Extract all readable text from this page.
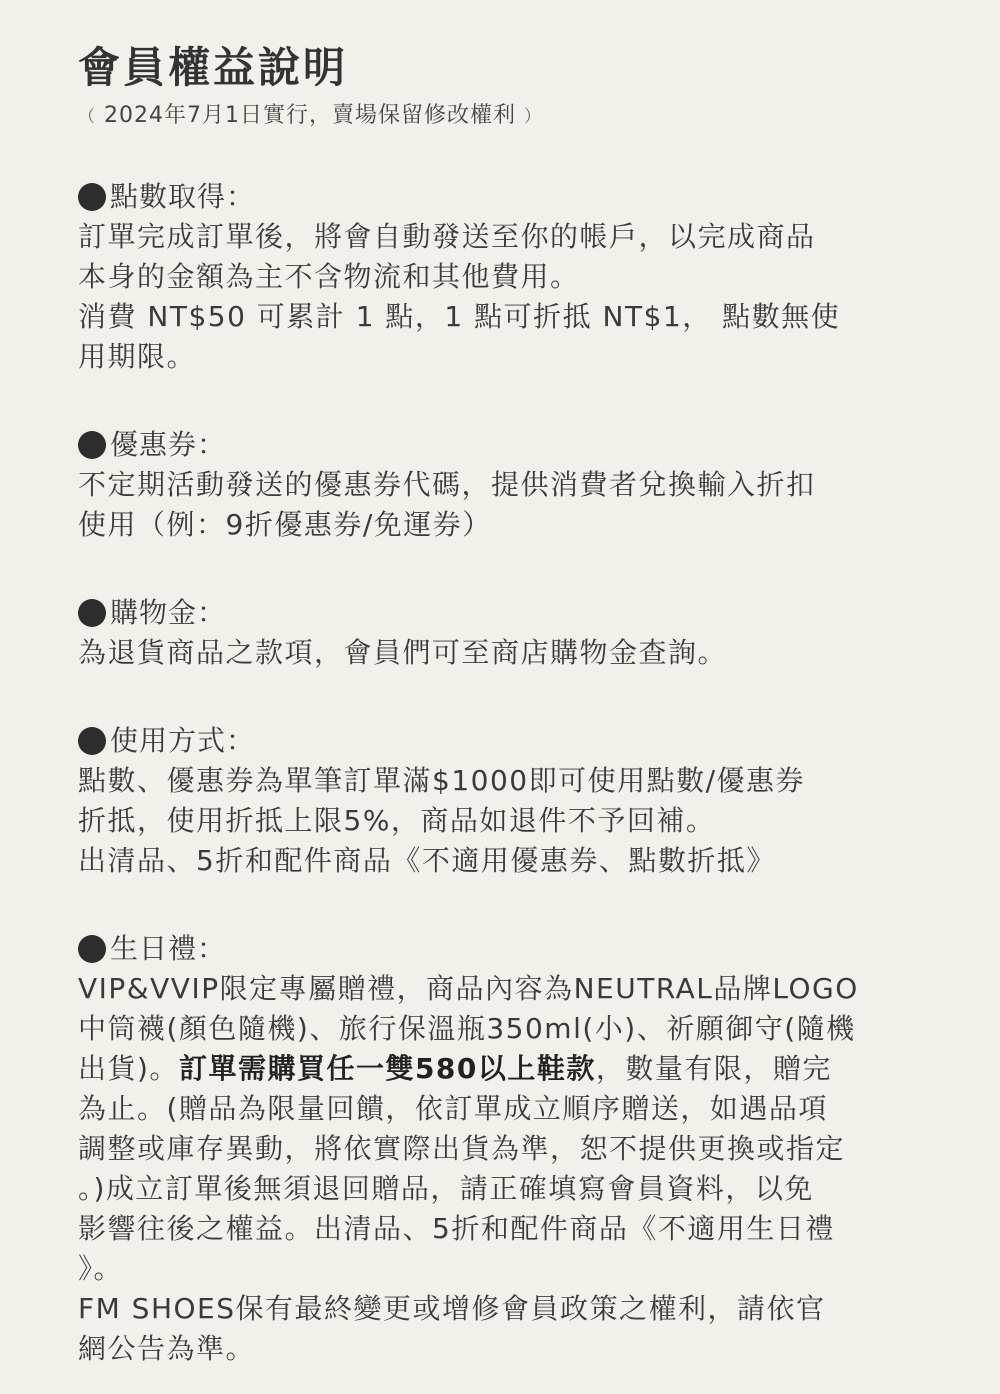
會員權益說明
（ 2024年7月1日實行，賣場保留修改權利 ）
點數取得：
訂單完成訂單後，將會自動發送至你的帳戶，以完成商品
本身的金額為主不含物流和其他費用。
消費 NT$50 可累計 1 點，1 點可折抵 NT$1， 點數無使
用期限。
優惠券：
不定期活動發送的優惠券代碼，提供消費者兌換輸入折扣
使用（例：9折優惠券/免運券）
購物金：
為退貨商品之款項，會員們可至商店購物金查詢。
使用方式：
點數、優惠券為單筆訂單滿$1000即可使用點數/優惠券
折抵，使用折抵上限5%，商品如退件不予回補。
出清品、5折和配件商品《不適用優惠券、點數折抵》
生日禮：
VIP&VVIP限定專屬贈禮，商品內容為NEUTRAL品牌LOGO
中筒襪(顏色隨機)、旅行保溫瓶350ml(小)、祈願御守(隨機
出貨)。訂單需購買任一雙580以上鞋款，數量有限，贈完
為止。(贈品為限量回饋，依訂單成立順序贈送，如遇品項
調整或庫存異動，將依實際出貨為準，恕不提供更換或指定
。)成立訂單後無須退回贈品，請正確填寫會員資料，以免
影響往後之權益。出清品、5折和配件商品《不適用生日禮
》。
FM SHOES保有最終變更或增修會員政策之權利，請依官
網公告為準。
